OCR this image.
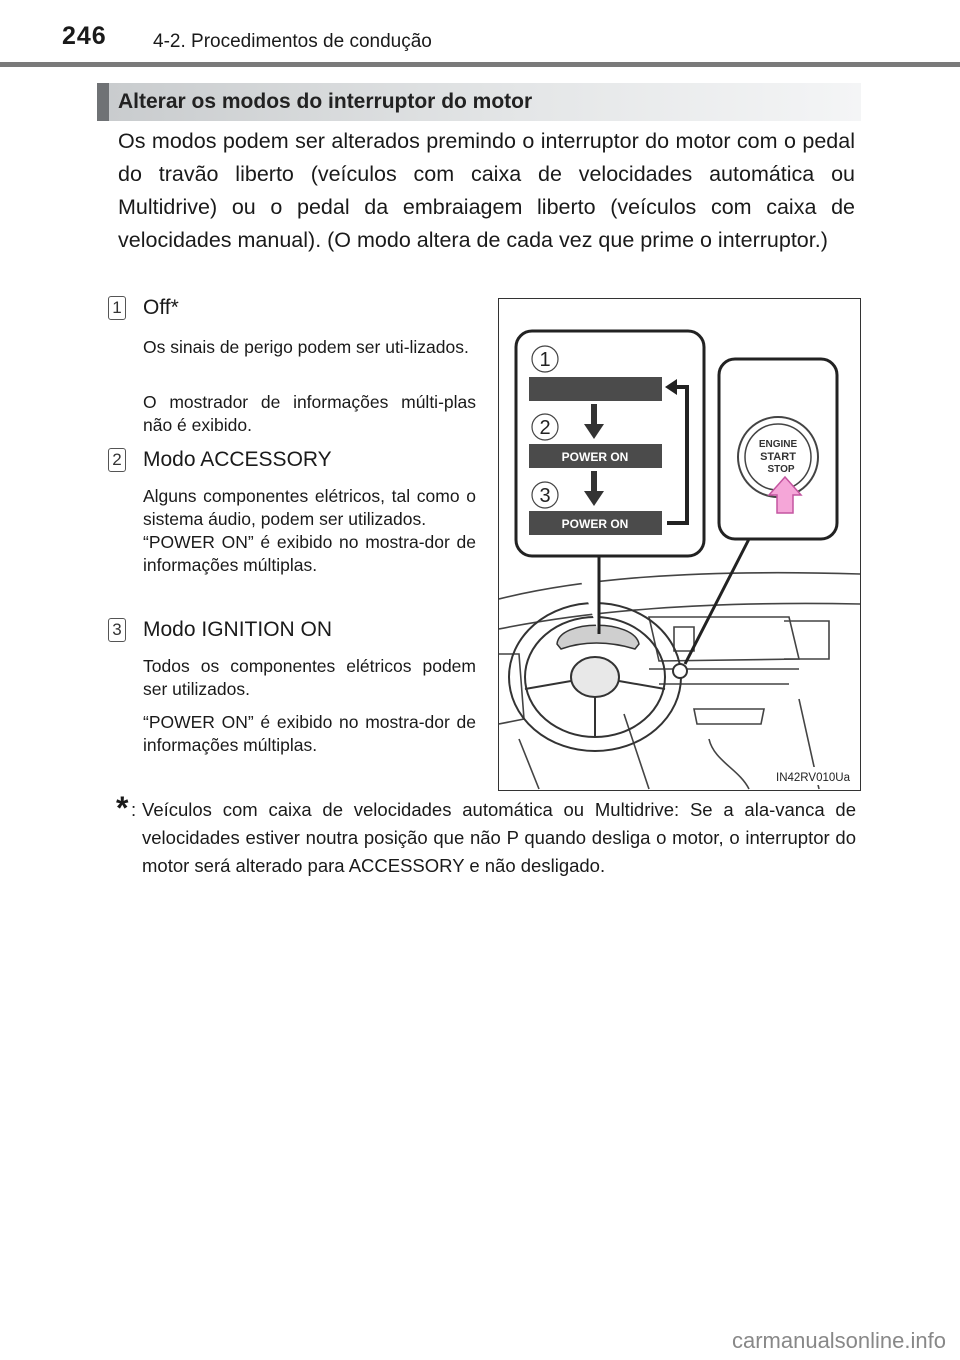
246 4-2. Procedimentos de condução
Alterar os modos do interruptor do motor
Os modos podem ser alterados premindo o interruptor do motor com o pedal do travão liberto (veículos com caixa de velocidades automática ou Multidrive) ou o pedal da embraiagem liberto (veículos com caixa de velocidades manual). (O modo altera de cada vez que prime o interruptor.)
1 Off*
Os sinais de perigo podem ser uti-lizados.
O mostrador de informações múlti-plas não é exibido.
2 Modo ACCESSORY
Alguns componentes elétricos, tal como o sistema áudio, podem ser utilizados.
“POWER ON” é exibido no mostra-dor de informações múltiplas.
3 Modo IGNITION ON
Todos os componentes elétricos podem ser utilizados.
“POWER ON” é exibido no mostra-dor de informações múltiplas.
1
2
POWER ON
3
POWER ON
ENGINE
START
STOP
IN42RV010Ua
* : Veículos com caixa de velocidades automática ou Multidrive: Se a ala-vanca de velocidades estiver noutra posição que não P quando desliga o motor, o interruptor do motor será alterado para ACCESSORY e não desligado.
carmanualsonline.info
